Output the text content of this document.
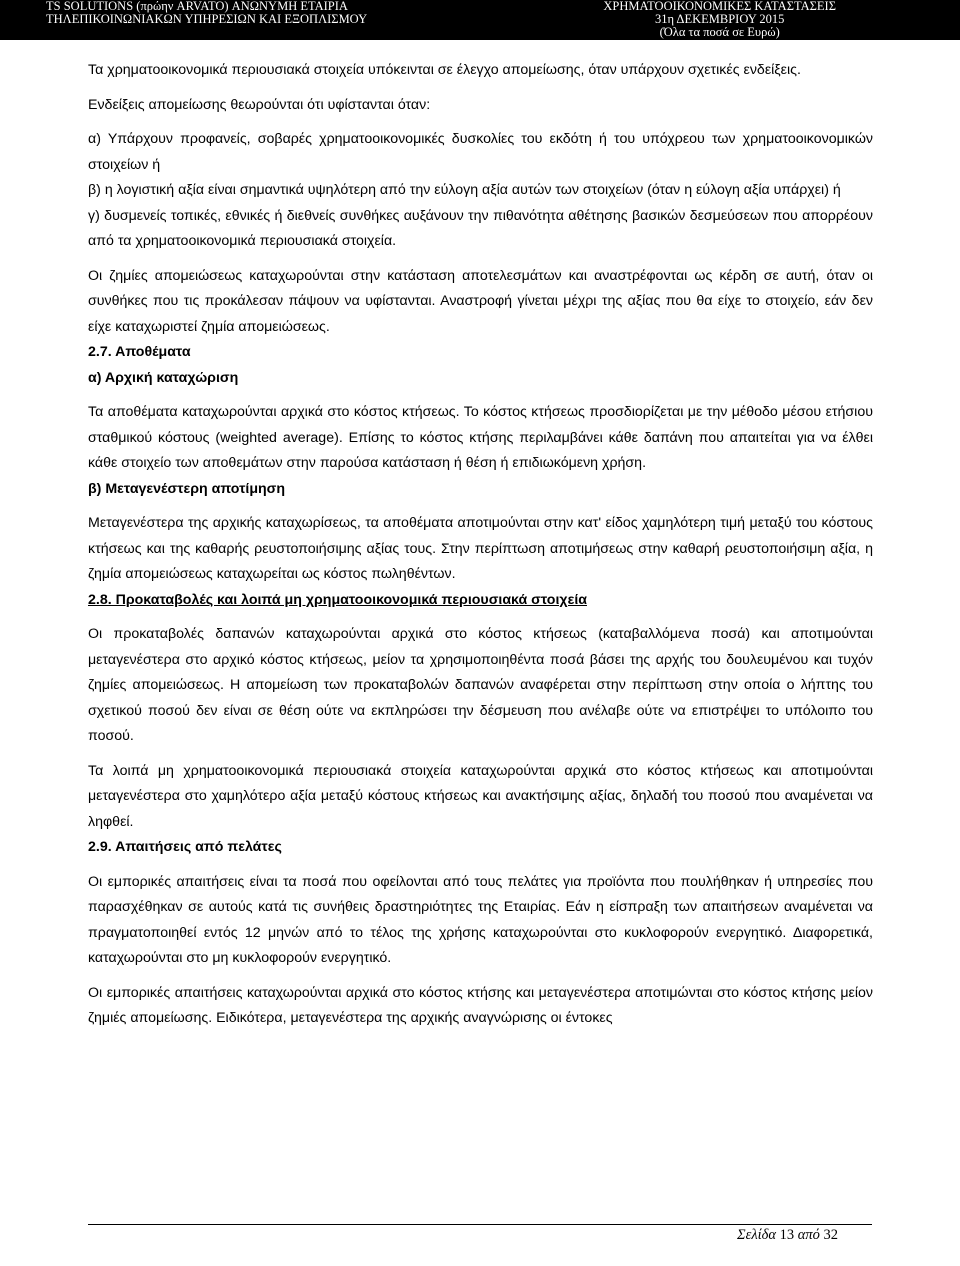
TS SOLUTIONS (πρώην ARVATO) ΑΝΩΝΥΜΗ ΕΤΑΙΡΙΑ
ΤΗΛΕΠΙΚΟΙΝΩΝΙΑΚΩΝ ΥΠΗΡΕΣΙΩΝ ΚΑΙ ΕΞΟΠΛΙΣΜΟΥ
ΧΡΗΜΑΤΟΟΙΚΟΝΟΜΙΚΕΣ ΚΑΤΑΣΤΑΣΕΙΣ
31η ΔΕΚΕΜΒΡΙΟΥ 2015
(Όλα τα ποσά σε Ευρώ)

Τα χρηματοοικονομικά περιουσιακά στοιχεία υπόκεινται σε έλεγχο απομείωσης, όταν υπάρχουν σχετικές ενδείξεις.

Ενδείξεις απομείωσης θεωρούνται ότι υφίστανται όταν:

α) Υπάρχουν προφανείς, σοβαρές χρηματοοικονομικές δυσκολίες του εκδότη ή του υπόχρεου των χρηματοοικονομικών στοιχείων ή

β) η λογιστική αξία είναι σημαντικά υψηλότερη από την εύλογη αξία αυτών των στοιχείων (όταν η εύλογη αξία υπάρχει) ή

γ) δυσμενείς τοπικές, εθνικές ή διεθνείς συνθήκες αυξάνουν την πιθανότητα αθέτησης βασικών δεσμεύσεων που απορρέουν από τα χρηματοοικονομικά περιουσιακά στοιχεία.

Οι ζημίες απομειώσεως καταχωρούνται στην κατάσταση αποτελεσμάτων και αναστρέφονται ως κέρδη σε αυτή, όταν οι συνθήκες που τις προκάλεσαν πάψουν να υφίστανται. Αναστροφή γίνεται μέχρι της αξίας που θα είχε το στοιχείο, εάν δεν είχε καταχωριστεί ζημία απομειώσεως.

2.7. Αποθέματα

α) Αρχική καταχώριση

Τα αποθέματα καταχωρούνται αρχικά στο κόστος κτήσεως. Το κόστος κτήσεως προσδιορίζεται με την μέθοδο μέσου ετήσιου σταθμικού κόστους (weighted average). Επίσης το κόστος κτήσης περιλαμβάνει κάθε δαπάνη που απαιτείται για να έλθει κάθε στοιχείο των αποθεμάτων στην παρούσα κατάσταση ή θέση ή επιδιωκόμενη χρήση.

β) Μεταγενέστερη αποτίμηση

Μεταγενέστερα της αρχικής καταχωρίσεως, τα αποθέματα αποτιμούνται στην κατ' είδος χαμηλότερη τιμή μεταξύ του κόστους κτήσεως και της καθαρής ρευστοποιήσιμης αξίας τους. Στην περίπτωση αποτιμήσεως στην καθαρή ρευστοποιήσιμη αξία, η ζημία απομειώσεως καταχωρείται ως κόστος πωληθέντων.

2.8. Προκαταβολές και λοιπά μη χρηματοοικονομικά περιουσιακά στοιχεία

Οι προκαταβολές δαπανών καταχωρούνται αρχικά στο κόστος κτήσεως (καταβαλλόμενα ποσά) και αποτιμούνται μεταγενέστερα στο αρχικό κόστος κτήσεως, μείον τα χρησιμοποιηθέντα ποσά βάσει της αρχής του δουλευμένου και τυχόν ζημίες απομειώσεως. Η απομείωση των προκαταβολών δαπανών αναφέρεται στην περίπτωση στην οποία ο λήπτης του σχετικού ποσού δεν είναι σε θέση ούτε να εκπληρώσει την δέσμευση που ανέλαβε ούτε να επιστρέψει το υπόλοιπο του ποσού.

Τα λοιπά μη χρηματοοικονομικά περιουσιακά στοιχεία καταχωρούνται αρχικά στο κόστος κτήσεως και αποτιμούνται μεταγενέστερα στο χαμηλότερο αξία μεταξύ κόστους κτήσεως και ανακτήσιμης αξίας, δηλαδή του ποσού που αναμένεται να ληφθεί.

2.9. Απαιτήσεις από πελάτες

Οι εμπορικές απαιτήσεις είναι τα ποσά που οφείλονται από τους πελάτες για προϊόντα που πουλήθηκαν ή υπηρεσίες που παρασχέθηκαν σε αυτούς κατά τις συνήθεις δραστηριότητες της Εταιρίας. Εάν η είσπραξη των απαιτήσεων αναμένεται να πραγματοποιηθεί εντός 12 μηνών από το τέλος της χρήσης καταχωρούνται στο κυκλοφορούν ενεργητικό. Διαφορετικά, καταχωρούνται στο μη κυκλοφορούν ενεργητικό.

Οι εμπορικές απαιτήσεις καταχωρούνται αρχικά στο κόστος κτήσης και μεταγενέστερα αποτιμώνται στο κόστος κτήσης μείον ζημιές απομείωσης. Ειδικότερα, μεταγενέστερα της αρχικής αναγνώρισης οι έντοκες

Σελίδα 13 από 32
